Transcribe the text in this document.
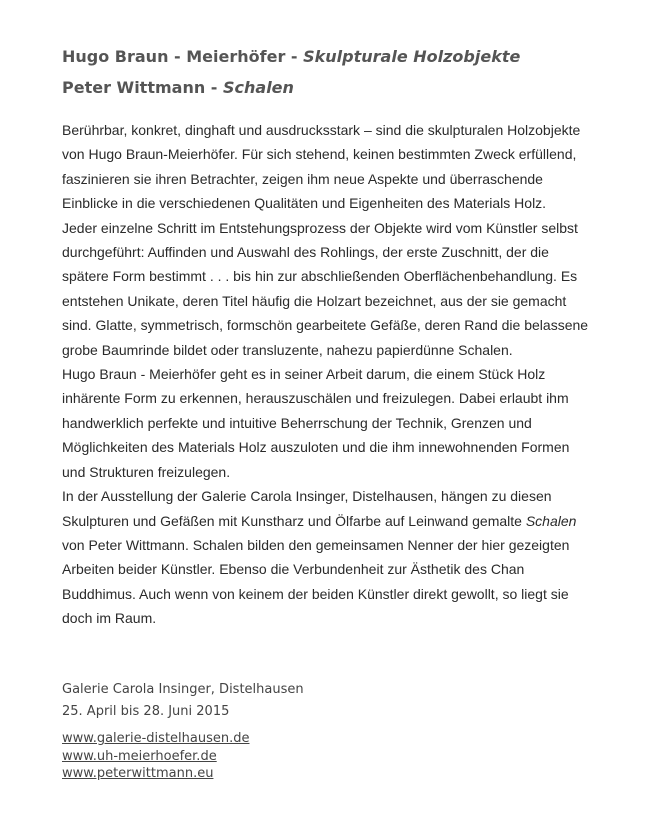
Hugo Braun - Meierhöfer - Skulpturale Holzobjekte
Peter Wittmann - Schalen

Berührbar, konkret, dinghaft und ausdrucksstark – sind die skulpturalen Holzobjekte

von Hugo Braun-Meierhöfer. Für sich stehend, keinen bestimmten Zweck erfüllend,

faszinieren sie ihren Betrachter, zeigen ihm neue Aspekte und überraschende

Einblicke in die verschiedenen Qualitäten und Eigenheiten des Materials Holz.

Jeder einzelne Schritt im Entstehungsprozess der Objekte wird vom Künstler selbst

durchgeführt: Auffinden und Auswahl des Rohlings, der erste Zuschnitt, der die

spätere Form bestimmt . . . bis hin zur abschließenden Oberflächenbehandlung. Es

entstehen Unikate, deren Titel häufig die Holzart bezeichnet, aus der sie gemacht

sind. Glatte, symmetrisch, formschön gearbeitete Gefäße, deren Rand die belassene

grobe Baumrinde bildet oder transluzente, nahezu papierdünne Schalen.

Hugo Braun - Meierhöfer geht es in seiner Arbeit darum, die einem Stück Holz

inhärente Form zu erkennen, herauszuschälen und freizulegen. Dabei erlaubt ihm

handwerklich perfekte und intuitive Beherrschung der Technik, Grenzen und

Möglichkeiten des Materials Holz auszuloten und die ihm innewohnenden Formen

und Strukturen freizulegen.

In der Ausstellung der Galerie Carola Insinger, Distelhausen, hängen zu diesen

Skulpturen und Gefäßen mit Kunstharz und Ölfarbe auf Leinwand gemalte Schalen

von Peter Wittmann. Schalen bilden den gemeinsamen Nenner der hier gezeigten

Arbeiten beider Künstler. Ebenso die Verbundenheit zur Ästhetik des Chan

Buddhimus. Auch wenn von keinem der beiden Künstler direkt gewollt, so liegt sie

doch im Raum.

Galerie Carola Insinger, Distelhausen

25. April bis 28. Juni 2015

www.galerie-distelhausen.de
www.uh-meierhoefer.de
www.peterwittmann.eu
